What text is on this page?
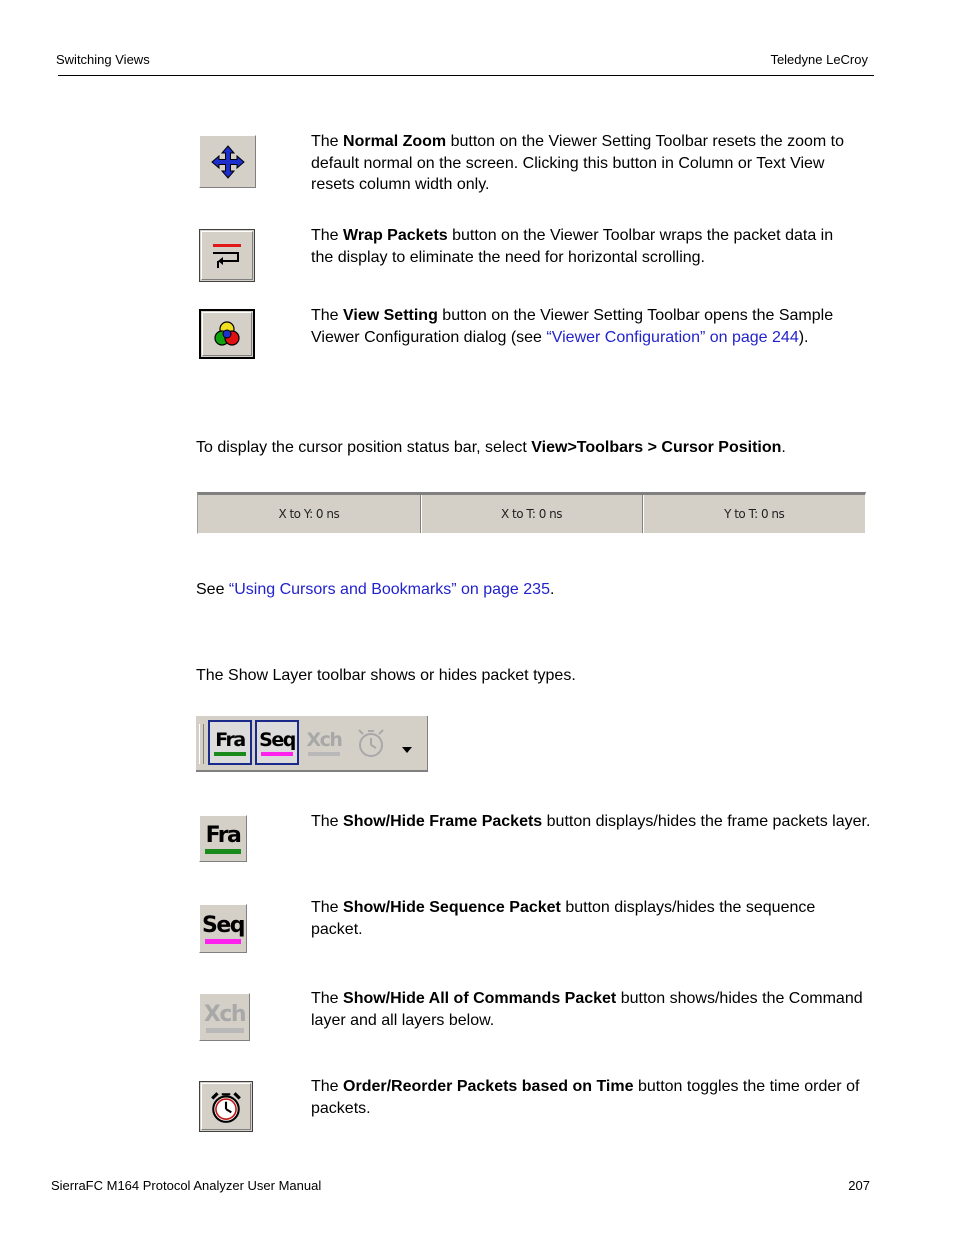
Switching Views	Teledyne LeCroy

The Normal Zoom button on the Viewer Setting Toolbar resets the zoom to default normal on the screen. Clicking this button in Column or Text View resets column width only.

The Wrap Packets button on the Viewer Toolbar wraps the packet data in the display to eliminate the need for horizontal scrolling.

The View Setting button on the Viewer Setting Toolbar opens the Sample Viewer Configuration dialog (see “Viewer Configuration” on page 244).

To display the cursor position status bar, select View>Toolbars > Cursor Position.

X to Y: 0 ns	X to T: 0 ns	Y to T: 0 ns

See “Using Cursors and Bookmarks” on page 235.

The Show Layer toolbar shows or hides packet types.

Fra Seq Xch
Fra

The Show/Hide Frame Packets button displays/hides the frame packets layer.

Seq

The Show/Hide Sequence Packet button displays/hides the sequence packet.

Xch

The Show/Hide All of Commands Packet button shows/hides the Command layer and all layers below.

The Order/Reorder Packets based on Time button toggles the time order of packets.

SierraFC M164 Protocol Analyzer User Manual	207
